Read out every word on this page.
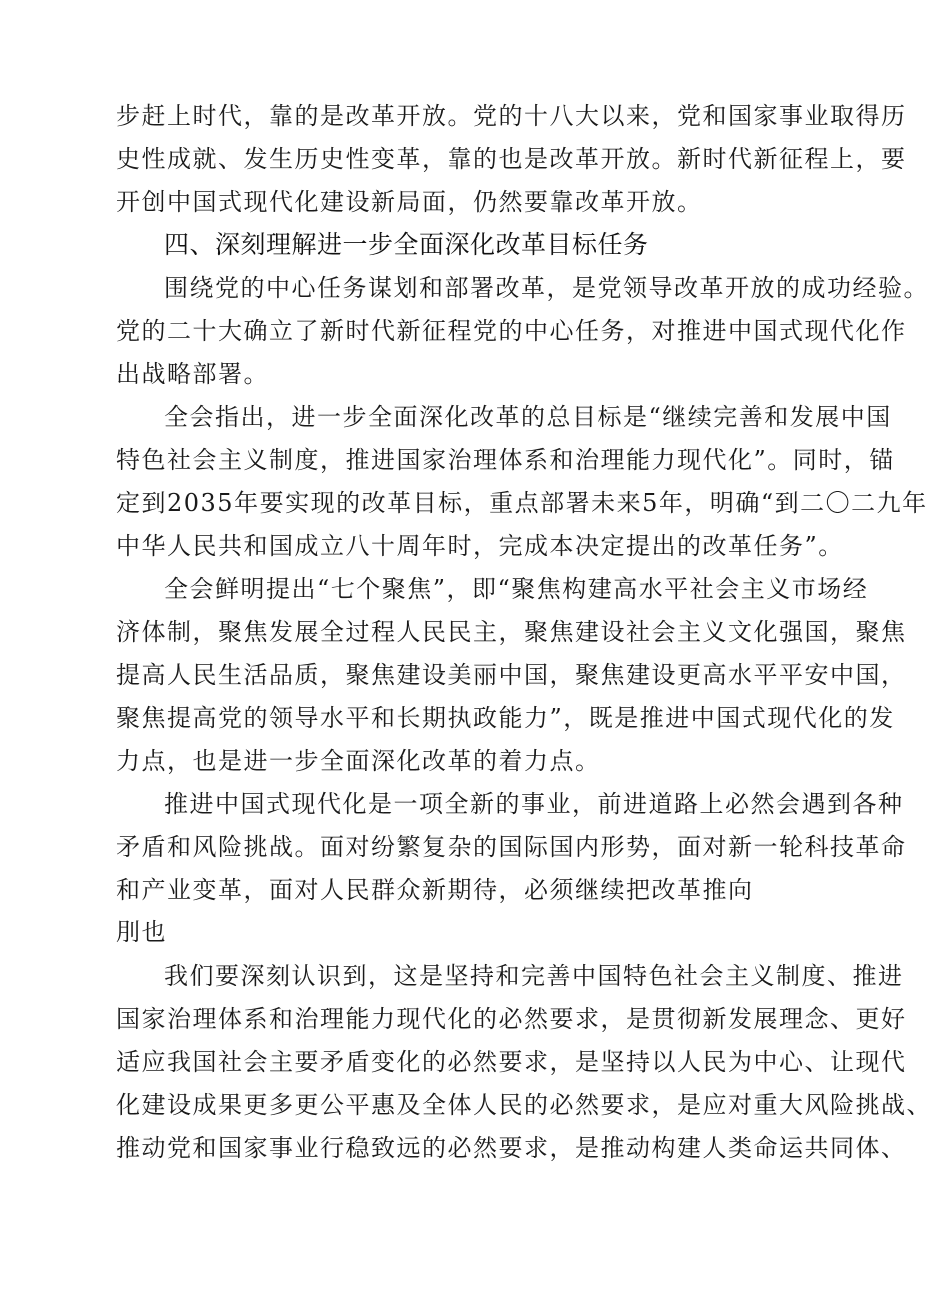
步赶上时代，靠的是改革开放。党的十八大以来，党和国家事业取得历
史性成就、发生历史性变革，靠的也是改革开放。新时代新征程上，要
开创中国式现代化建设新局面，仍然要靠改革开放。
四、深刻理解进一步全面深化改革目标任务
围绕党的中心任务谋划和部署改革，是党领导改革开放的成功经验。
党的二十大确立了新时代新征程党的中心任务，对推进中国式现代化作
出战略部署。
全会指出，进一步全面深化改革的总目标是“继续完善和发展中国
特色社会主义制度，推进国家治理体系和治理能力现代化”。同时，锚
定到2035年要实现的改革目标，重点部署未来5年，明确“到二〇二九年
中华人民共和国成立八十周年时，完成本决定提出的改革任务”。
全会鲜明提出“七个聚焦”，即“聚焦构建高水平社会主义市场经
济体制，聚焦发展全过程人民民主，聚焦建设社会主义文化强国，聚焦
提高人民生活品质，聚焦建设美丽中国，聚焦建设更高水平平安中国，
聚焦提高党的领导水平和长期执政能力”，既是推进中国式现代化的发
力点，也是进一步全面深化改革的着力点。
推进中国式现代化是一项全新的事业，前进道路上必然会遇到各种
矛盾和风险挑战。面对纷繁复杂的国际国内形势，面对新一轮科技革命
和产业变革，面对人民群众新期待，必须继续把改革推向
刖也
我们要深刻认识到，这是坚持和完善中国特色社会主义制度、推进
国家治理体系和治理能力现代化的必然要求，是贯彻新发展理念、更好
适应我国社会主要矛盾变化的必然要求，是坚持以人民为中心、让现代
化建设成果更多更公平惠及全体人民的必然要求，是应对重大风险挑战、
推动党和国家事业行稳致远的必然要求，是推动构建人类命运共同体、
